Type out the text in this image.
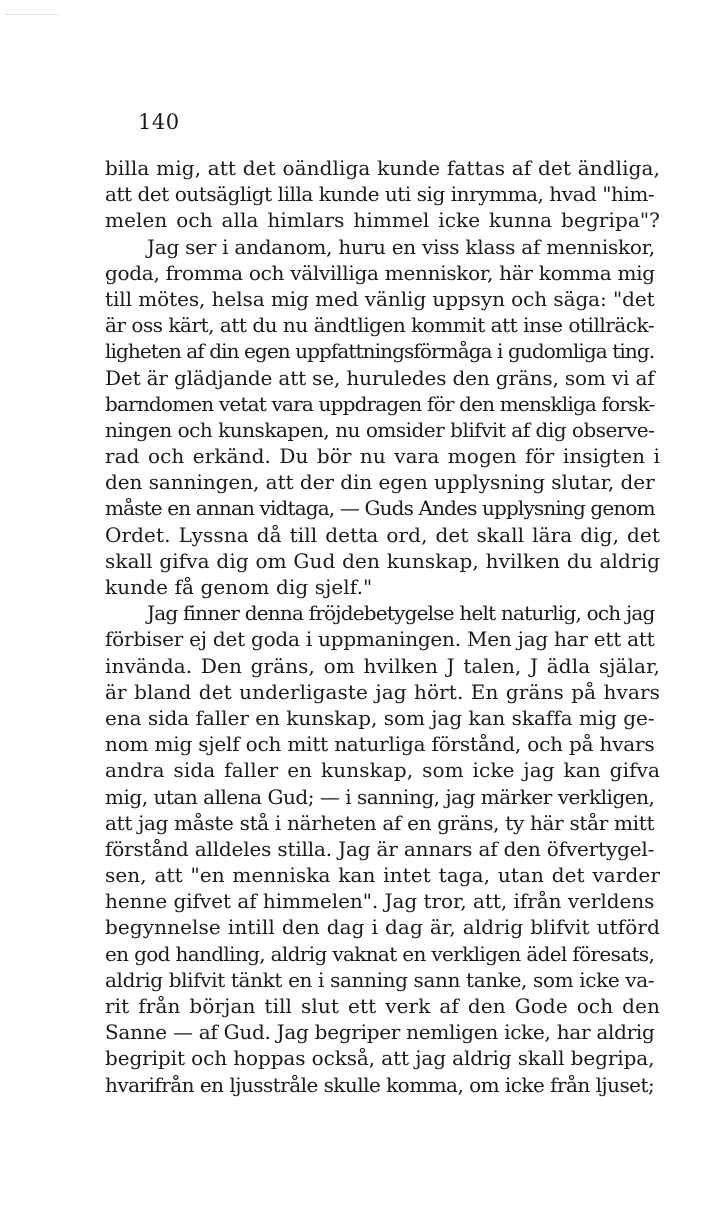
140
billa mig, att det oändliga kunde fattas af det ändliga,
att det outsägligt lilla kunde uti sig inrymma, hvad "him-
melen och alla himlars himmel icke kunna begripa"?
Jag ser i andanom, huru en viss klass af menniskor,
goda, fromma och välvilliga menniskor, här komma mig
till mötes, helsa mig med vänlig uppsyn och säga: "det
är oss kärt, att du nu ändtligen kommit att inse otillräck-
ligheten af din egen uppfattningsförmåga i gudomliga ting.
Det är glädjande att se, huruledes den gräns, som vi af
barndomen vetat vara uppdragen för den menskliga forsk-
ningen och kunskapen, nu omsider blifvit af dig observe-
rad och erkänd. Du bör nu vara mogen för insigten i
den sanningen, att der din egen upplysning slutar, der
måste en annan vidtaga, — Guds Andes upplysning genom
Ordet. Lyssna då till detta ord, det skall lära dig, det
skall gifva dig om Gud den kunskap, hvilken du aldrig
kunde få genom dig sjelf."
Jag finner denna fröjdebetygelse helt naturlig, och jag
förbiser ej det goda i uppmaningen. Men jag har ett att
invända. Den gräns, om hvilken J talen, J ädla själar,
är bland det underligaste jag hört. En gräns på hvars
ena sida faller en kunskap, som jag kan skaffa mig ge-
nom mig sjelf och mitt naturliga förstånd, och på hvars
andra sida faller en kunskap, som icke jag kan gifva
mig, utan allena Gud; — i sanning, jag märker verkligen,
att jag måste stå i närheten af en gräns, ty här står mitt
förstånd alldeles stilla. Jag är annars af den öfvertygel-
sen, att "en menniska kan intet taga, utan det varder
henne gifvet af himmelen". Jag tror, att, ifrån verldens
begynnelse intill den dag i dag är, aldrig blifvit utförd
en god handling, aldrig vaknat en verkligen ädel föresats,
aldrig blifvit tänkt en i sanning sann tanke, som icke va-
rit från början till slut ett verk af den Gode och den
Sanne — af Gud. Jag begriper nemligen icke, har aldrig
begripit och hoppas också, att jag aldrig skall begripa,
hvarifrån en ljusstråle skulle komma, om icke från ljuset;
